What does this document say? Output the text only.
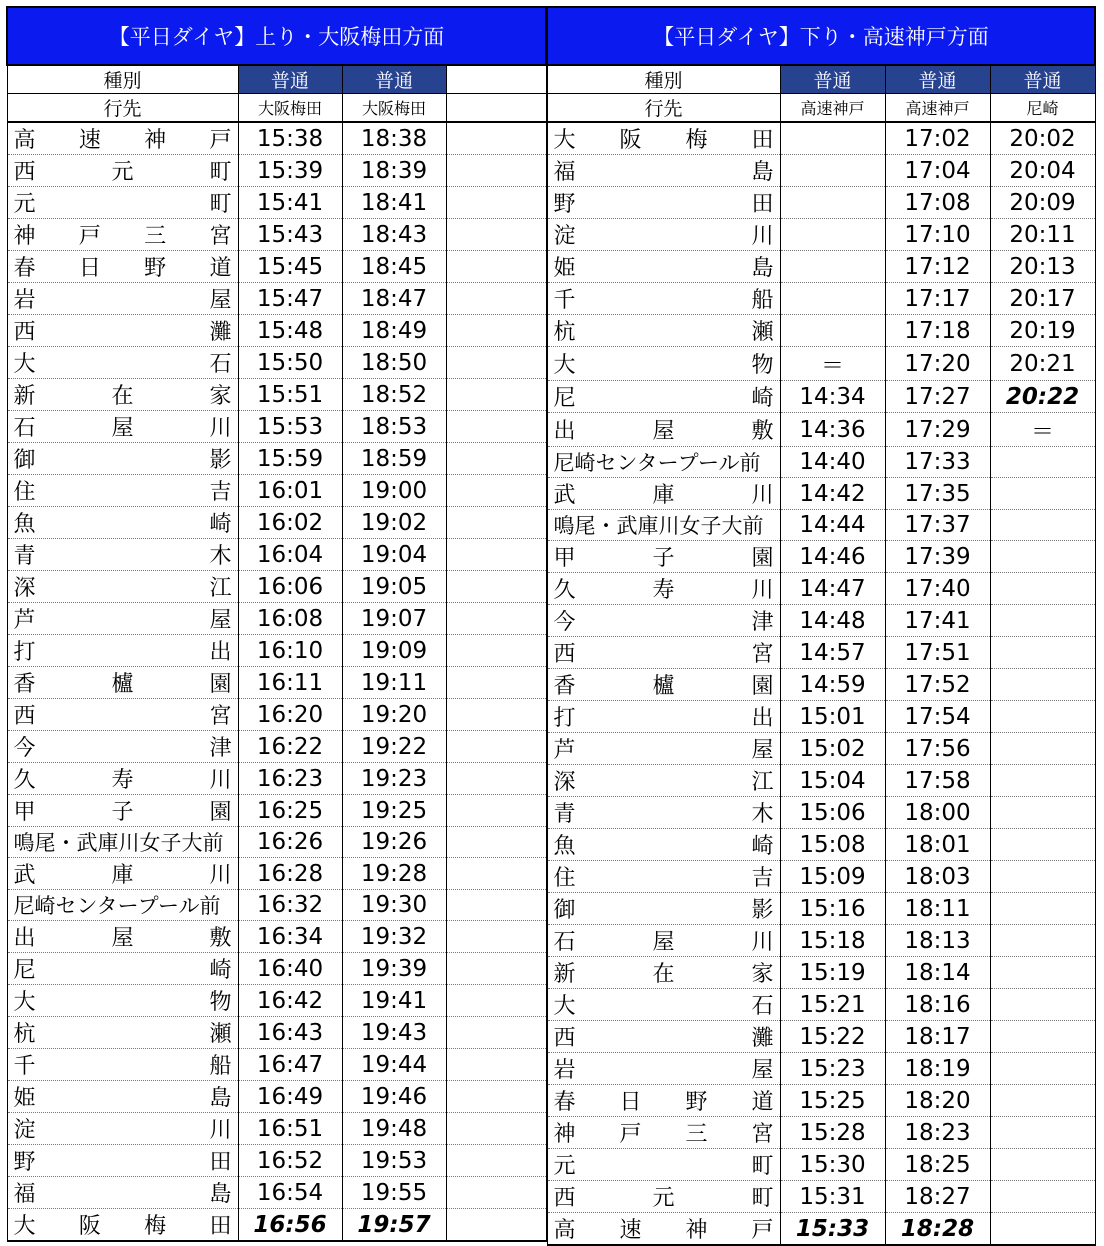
【平日ダイヤ】上り・大阪梅田方面			
種別	普通	普通	
行先	大阪梅田	大阪梅田	

高 速 神 戸	15:38	18:38	

西 元 町	15:39	18:39	

元 町	15:41	18:41	

神 戸 三 宮	15:43	18:43	

春 日 野 道	15:45	18:45	

岩 屋	15:47	18:47	

西 灘	15:48	18:49	

大 石	15:50	18:50	

新 在 家	15:51	18:52	

石 屋 川	15:53	18:53	

御 影	15:59	18:59	

住 吉	16:01	19:00	

魚 崎	16:02	19:02	

青 木	16:04	19:04	

深 江	16:06	19:05	

芦 屋	16:08	19:07	

打 出	16:10	19:09	

香 櫨 園	16:11	19:11	

西 宮	16:20	19:20	

今 津	16:22	19:22	

久 寿 川	16:23	19:23	

甲 子 園	16:25	19:25	

鳴尾・武庫川女子大前	16:26	19:26	

武 庫 川	16:28	19:28	

尼崎センタープール前	16:32	19:30	

出 屋 敷	16:34	19:32	

尼 崎	16:40	19:39	

大 物	16:42	19:41	

杭 瀬	16:43	19:43	

千 船	16:47	19:44	

姫 島	16:49	19:46	

淀 川	16:51	19:48	

野 田	16:52	19:53	

福 島	16:54	19:55	

大 阪 梅 田	16:56	19:57	
【平日ダイヤ】下り・高速神戸方面			
種別	普通	普通	普通
行先	高速神戸	高速神戸	尼崎

大 阪 梅 田		17:02	20:02

福 島		17:04	20:04

野 田		17:08	20:09

淀 川		17:10	20:11

姫 島		17:12	20:13

千 船		17:17	20:17

杭 瀬		17:18	20:19

大 物	＝	17:20	20:21

尼 崎	14:34	17:27	20:22

出 屋 敷	14:36	17:29	＝

尼崎センタープール前	14:40	17:33	

武 庫 川	14:42	17:35	

鳴尾・武庫川女子大前	14:44	17:37	

甲 子 園	14:46	17:39	

久 寿 川	14:47	17:40	

今 津	14:48	17:41	

西 宮	14:57	17:51	

香 櫨 園	14:59	17:52	

打 出	15:01	17:54	

芦 屋	15:02	17:56	

深 江	15:04	17:58	

青 木	15:06	18:00	

魚 崎	15:08	18:01	

住 吉	15:09	18:03	

御 影	15:16	18:11	

石 屋 川	15:18	18:13	

新 在 家	15:19	18:14	

大 石	15:21	18:16	

西 灘	15:22	18:17	

岩 屋	15:23	18:19	

春 日 野 道	15:25	18:20	

神 戸 三 宮	15:28	18:23	

元 町	15:30	18:25	

西 元 町	15:31	18:27	

高 速 神 戸	15:33	18:28	
